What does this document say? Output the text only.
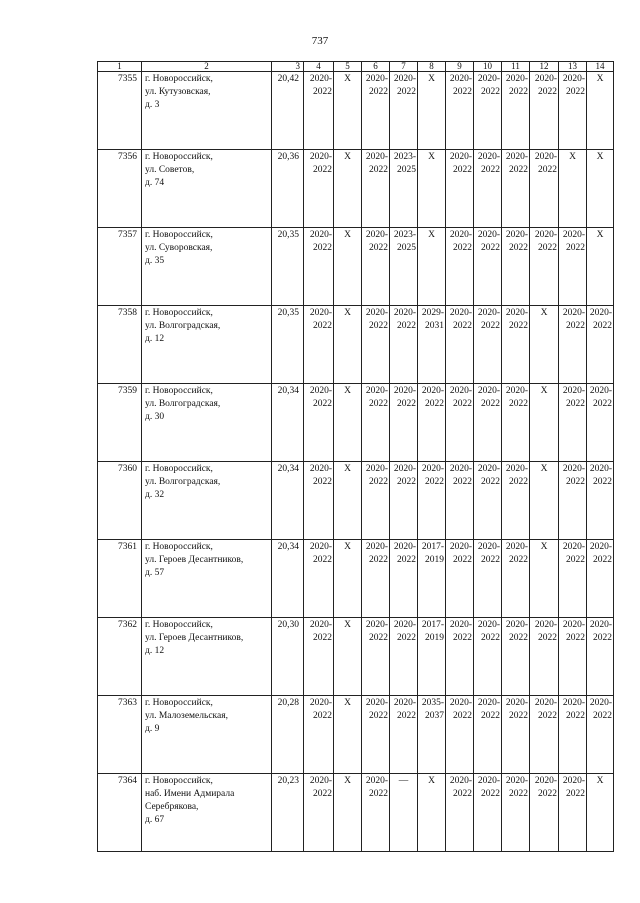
737
1	2	3	4	5	6	7	8	9	10	11	12	13	14
7355	г. Новороссийск,
ул. Кутузовская,
д. 3	20,42	2020-
2022	X	2020-
2022	2020-
2022	X	2020-
2022	2020-
2022	2020-
2022	2020-
2022	2020-
2022	X
7356	г. Новороссийск,
ул. Советов,
д. 74	20,36	2020-
2022	X	2020-
2022	2023-
2025	X	2020-
2022	2020-
2022	2020-
2022	2020-
2022	X	X
7357	г. Новороссийск,
ул. Суворовская,
д. 35	20,35	2020-
2022	X	2020-
2022	2023-
2025	X	2020-
2022	2020-
2022	2020-
2022	2020-
2022	2020-
2022	X
7358	г. Новороссийск,
ул. Волгоградская,
д. 12	20,35	2020-
2022	X	2020-
2022	2020-
2022	2029-
2031	2020-
2022	2020-
2022	2020-
2022	X	2020-
2022	2020-
2022
7359	г. Новороссийск,
ул. Волгоградская,
д. 30	20,34	2020-
2022	X	2020-
2022	2020-
2022	2020-
2022	2020-
2022	2020-
2022	2020-
2022	X	2020-
2022	2020-
2022
7360	г. Новороссийск,
ул. Волгоградская,
д. 32	20,34	2020-
2022	X	2020-
2022	2020-
2022	2020-
2022	2020-
2022	2020-
2022	2020-
2022	X	2020-
2022	2020-
2022
7361	г. Новороссийск,
ул. Героев Десантников,
д. 57	20,34	2020-
2022	X	2020-
2022	2020-
2022	2017-
2019	2020-
2022	2020-
2022	2020-
2022	X	2020-
2022	2020-
2022
7362	г. Новороссийск,
ул. Героев Десантников,
д. 12	20,30	2020-
2022	X	2020-
2022	2020-
2022	2017-
2019	2020-
2022	2020-
2022	2020-
2022	2020-
2022	2020-
2022	2020-
2022
7363	г. Новороссийск,
ул. Малоземельская,
д. 9	20,28	2020-
2022	X	2020-
2022	2020-
2022	2035-
2037	2020-
2022	2020-
2022	2020-
2022	2020-
2022	2020-
2022	2020-
2022
7364	г. Новороссийск,
наб. Имени Адмирала
Серебрякова,
д. 67	20,23	2020-
2022	X	2020-
2022	—	X	2020-
2022	2020-
2022	2020-
2022	2020-
2022	2020-
2022	X
